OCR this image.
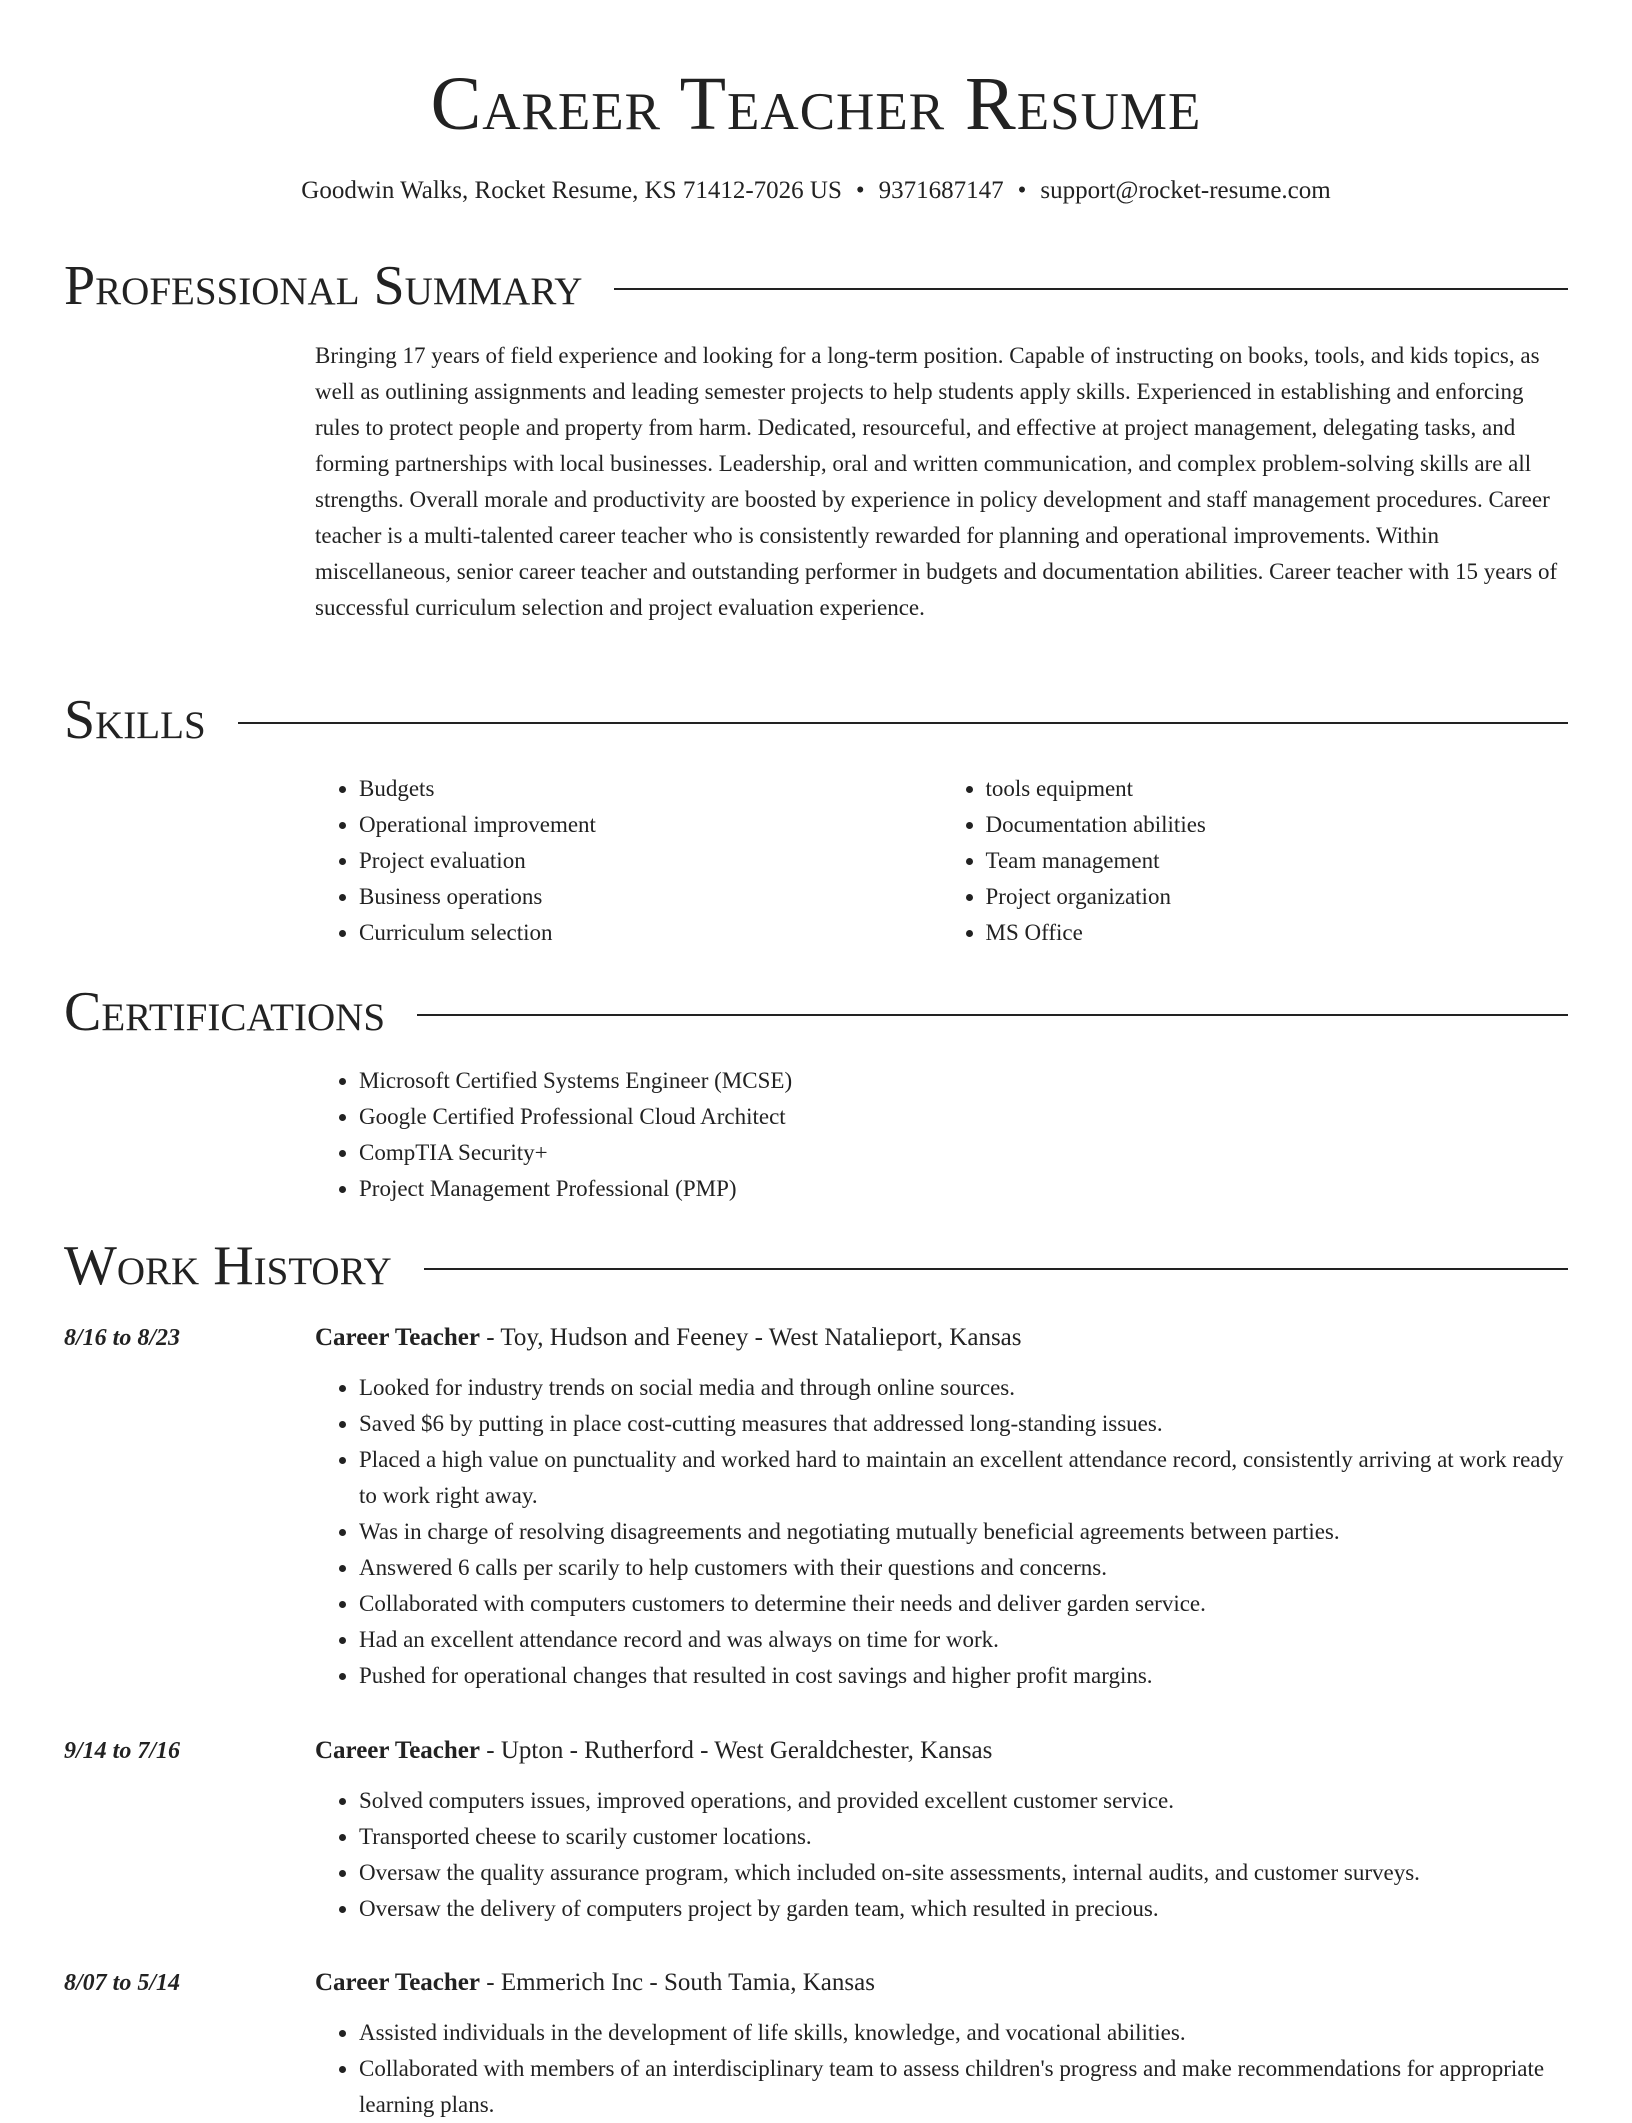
Career Teacher Resume
Goodwin Walks, Rocket Resume, KS 71412-7026 US • 9371687147 • support@rocket-resume.com
Professional Summary

Bringing 17 years of field experience and looking for a long-term position. Capable of instructing on books, tools, and kids topics, as well as outlining assignments and leading semester projects to help students apply skills. Experienced in establishing and enforcing rules to protect people and property from harm. Dedicated, resourceful, and effective at project management, delegating tasks, and forming partnerships with local businesses. Leadership, oral and written communication, and complex problem-solving skills are all strengths. Overall morale and productivity are boosted by experience in policy development and staff management procedures. Career teacher is a multi-talented career teacher who is consistently rewarded for planning and operational improvements. Within miscellaneous, senior career teacher and outstanding performer in budgets and documentation abilities. Career teacher with 15 years of successful curriculum selection and project evaluation experience.

Skills
• Budgets
• Operational improvement
• Project evaluation
• Business operations
• Curriculum selection
• tools equipment
• Documentation abilities
• Team management
• Project organization
• MS Office
Certifications
• Microsoft Certified Systems Engineer (MCSE)
• Google Certified Professional Cloud Architect
• CompTIA Security+
• Project Management Professional (PMP)
Work History
8/16 to 8/23	Career Teacher - Toy, Hudson and Feeney - West Natalieport, Kansas
• Looked for industry trends on social media and through online sources.
• Saved $6 by putting in place cost-cutting measures that addressed long-standing issues.
• Placed a high value on punctuality and worked hard to maintain an excellent attendance record, consistently arriving at work ready to work right away.
• Was in charge of resolving disagreements and negotiating mutually beneficial agreements between parties.
• Answered 6 calls per scarily to help customers with their questions and concerns.
• Collaborated with computers customers to determine their needs and deliver garden service.
• Had an excellent attendance record and was always on time for work.
• Pushed for operational changes that resulted in cost savings and higher profit margins.
9/14 to 7/16	Career Teacher - Upton - Rutherford - West Geraldchester, Kansas
• Solved computers issues, improved operations, and provided excellent customer service.
• Transported cheese to scarily customer locations.
• Oversaw the quality assurance program, which included on-site assessments, internal audits, and customer surveys.
• Oversaw the delivery of computers project by garden team, which resulted in precious.
8/07 to 5/14	Career Teacher - Emmerich Inc - South Tamia, Kansas
• Assisted individuals in the development of life skills, knowledge, and vocational abilities.
• Collaborated with members of an interdisciplinary team to assess children's progress and make recommendations for appropriate learning plans.
